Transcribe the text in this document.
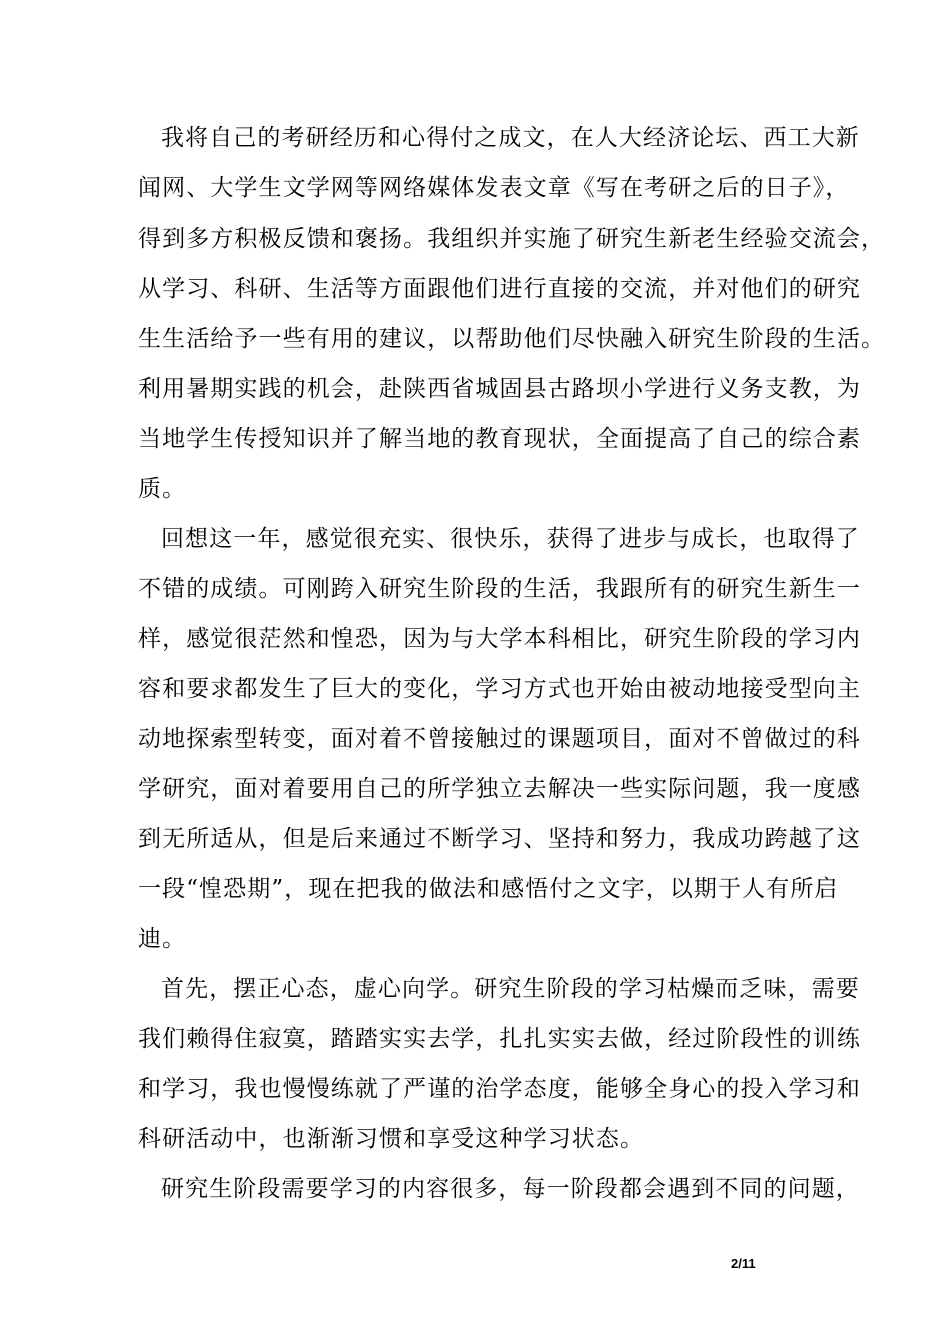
我将自己的考研经历和心得付之成文，在人大经济论坛、西工大新
闻网、大学生文学网等网络媒体发表文章《写在考研之后的日子》，
得到多方积极反馈和褒扬。我组织并实施了研究生新老生经验交流会，
从学习、科研、生活等方面跟他们进行直接的交流，并对他们的研究
生生活给予一些有用的建议，以帮助他们尽快融入研究生阶段的生活。
利用暑期实践的机会，赴陕西省城固县古路坝小学进行义务支教，为
当地学生传授知识并了解当地的教育现状，全面提高了自己的综合素
质。
回想这一年，感觉很充实、很快乐，获得了进步与成长，也取得了
不错的成绩。可刚跨入研究生阶段的生活，我跟所有的研究生新生一
样，感觉很茫然和惶恐，因为与大学本科相比，研究生阶段的学习内
容和要求都发生了巨大的变化，学习方式也开始由被动地接受型向主
动地探索型转变，面对着不曾接触过的课题项目，面对不曾做过的科
学研究，面对着要用自己的所学独立去解决一些实际问题，我一度感
到无所适从，但是后来通过不断学习、坚持和努力，我成功跨越了这
一段“惶恐期”，现在把我的做法和感悟付之文字，以期于人有所启
迪。
首先，摆正心态，虚心向学。研究生阶段的学习枯燥而乏味，需要
我们赖得住寂寞，踏踏实实去学，扎扎实实去做，经过阶段性的训练
和学习，我也慢慢练就了严谨的治学态度，能够全身心的投入学习和
科研活动中，也渐渐习惯和享受这种学习状态。
研究生阶段需要学习的内容很多，每一阶段都会遇到不同的问题，
2/11
